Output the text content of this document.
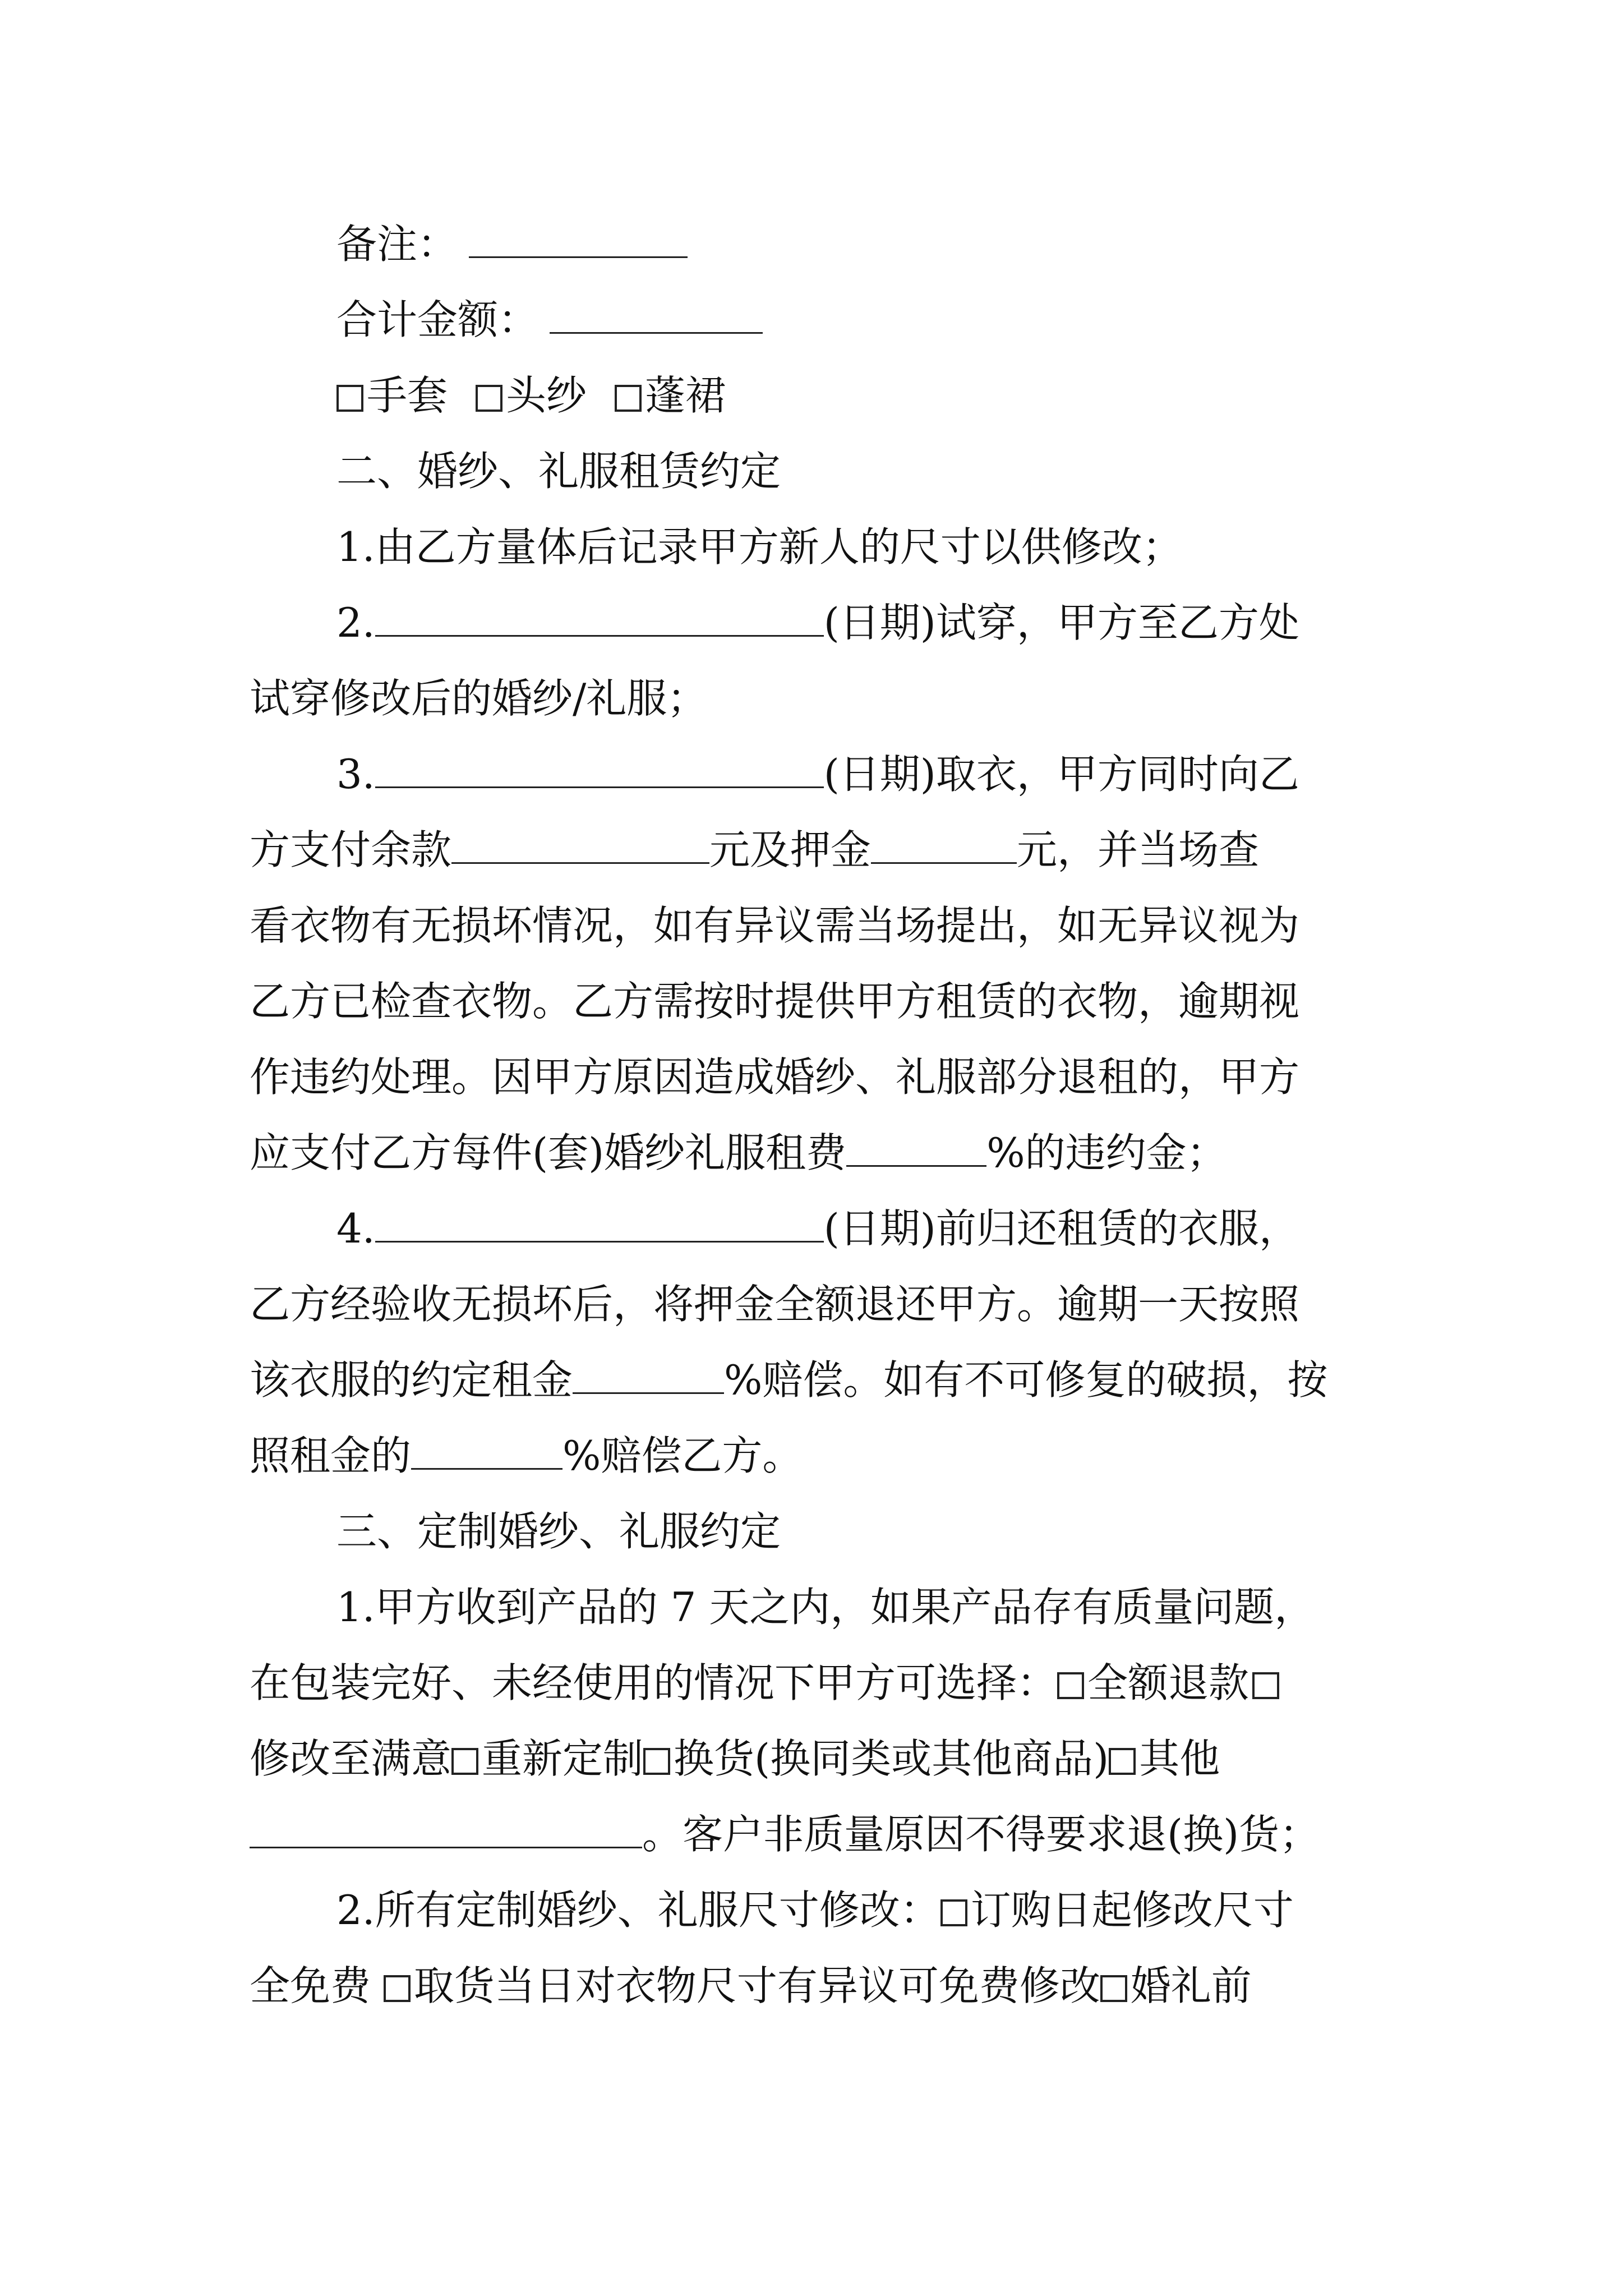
备注：
合计金额：
手套 头纱 蓬裙
二、婚纱、礼服租赁约定
1.由乙方量体后记录甲方新人的尺寸以供修改；
2.	(日期)试穿，甲方至乙方处
试穿修改后的婚纱/礼服；
3.	(日期)取衣，甲方同时向乙
方支付余款	元及押金	元，并当场查
看衣物有无损坏情况，如有异议需当场提出，如无异议视为
乙方已检查衣物。乙方需按时提供甲方租赁的衣物，逾期视
作违约处理。因甲方原因造成婚纱、礼服部分退租的，甲方
应支付乙方每件(套)婚纱礼服租费	%的违约金；
4.	(日期)前归还租赁的衣服，
乙方经验收无损坏后，将押金全额退还甲方。逾期一天按照
该衣服的约定租金	%赔偿。如有不可修复的破损，按
照租金的	%赔偿乙方。
三、定制婚纱、礼服约定
1.甲方收到产品的 7 天之内，如果产品存有质量问题，
在包装完好、未经使用的情况下甲方可选择： 全额退款
修改至满意 重新定制 换货(换同类或其他商品) 其他
。客户非质量原因不得要求退(换)货；
2.所有定制婚纱、礼服尺寸修改： 订购日起修改尺寸
全免费 取货当日对衣物尺寸有异议可免费修改 婚礼前
